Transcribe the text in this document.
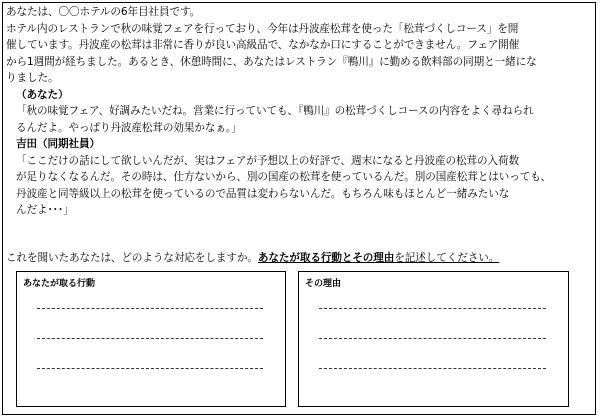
あなたは、〇〇ホテルの6年目社員です。

ホテル内のレストランで秋の味覚フェアを行っており、今年は丹波産松茸を使った「松茸づくしコース」を開

催しています。丹波産の松茸は非常に香りが良い高級品で、なかなか口にすることができません。フェア開催

から1週間が経ちました。あるとき、休憩時間に、あなたはレストラン『鴨川』に勤める飲料部の同期と一緒にな

りました。

（あなた）

「秋の味覚フェア、好調みたいだね。営業に行っていても、『鴨川』の松茸づくしコースの内容をよく尋ねられ

るんだよ。やっぱり丹波産松茸の効果かなぁ。」

吉田（同期社員）

「ここだけの話にして欲しいんだが、実はフェアが予想以上の好評で、週末になると丹波産の松茸の入荷数

が足りなくなるんだ。その時は、仕方ないから、別の国産の松茸を使っているんだ。別の国産松茸とはいっても、

丹波産と同等級以上の松茸を使っているので品質は変わらないんだ。もちろん味もほとんど一緒みたいな

んだよ･･･」

これを聞いたあなたは、どのような対応をしますか。あなたが取る行動とその理由を記述してください。
あなたが取る行動	その理由
